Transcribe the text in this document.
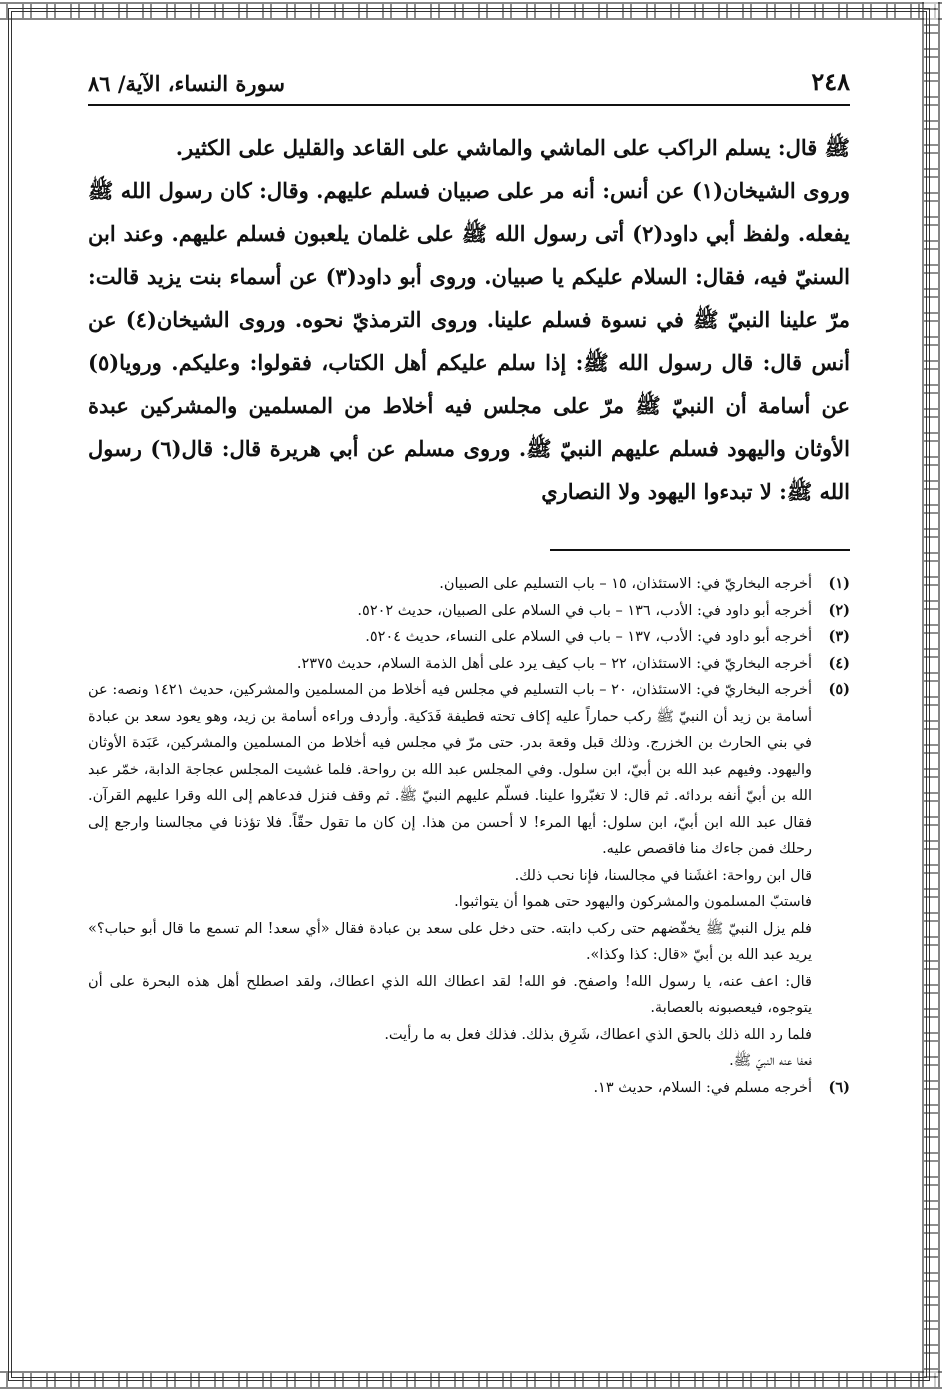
٢٤٨
سورة النساء، الآية/ ٨٦

ﷺ قال: يسلم الراكب على الماشي والماشي على القاعد والقليل على الكثير.

وروى الشيخان(١) عن أنس: أنه مر على صبيان فسلم عليهم. وقال: كان رسول الله ﷺ يفعله. ولفظ أبي داود(٢) أتى رسول الله ﷺ على غلمان يلعبون فسلم عليهم. وعند ابن السنيّ فيه، فقال: السلام عليكم يا صبيان. وروى أبو داود(٣) عن أسماء بنت يزيد قالت: مرّ علينا النبيّ ﷺ في نسوة فسلم علينا. وروى الترمذيّ نحوه. وروى الشيخان(٤) عن أنس قال: قال رسول الله ﷺ: إذا سلم عليكم أهل الكتاب، فقولوا: وعليكم. ورويا(٥) عن أسامة أن النبيّ ﷺ مرّ على مجلس فيه أخلاط من المسلمين والمشركين عبدة الأوثان واليهود فسلم عليهم النبيّ ﷺ. وروى مسلم عن أبي هريرة قال: قال(٦) رسول الله ﷺ: لا تبدءوا اليهود ولا النصاري

(١)
أخرجه البخاريّ في: الاستئذان، ١٥ – باب التسليم على الصبيان.
(٢)
أخرجه أبو داود في: الأدب، ١٣٦ – باب في السلام على الصبيان، حديث ٥٢٠٢.
(٣)
أخرجه أبو داود في: الأدب، ١٣٧ – باب في السلام على النساء، حديث ٥٢٠٤.
(٤)
أخرجه البخاريّ في: الاستئذان، ٢٢ – باب كيف يرد على أهل الذمة السلام، حديث ٢٣٧٥.
(٥)
أخرجه البخاريّ في: الاستئذان، ٢٠ – باب التسليم في مجلس فيه أخلاط من المسلمين والمشركين، حديث ١٤٢١ ونصه: عن أسامة بن زيد أن النبيّ ﷺ ركب حماراً عليه إكاف تحته قطيفة فَدَكية. وأردف وراءه أسامة بن زيد، وهو يعود سعد بن عبادة في بني الحارث بن الخزرج. وذلك قبل وقعة بدر. حتى مرّ في مجلس فيه أخلاط من المسلمين والمشركين، عَبَدة الأوثان واليهود. وفيهم عبد الله بن أبيّ، ابن سلول. وفي المجلس عبد الله بن رواحة. فلما غشيت المجلس عجاجة الدابة، خمّر عبد الله بن أبيّ أنفه بردائه. ثم قال: لا تغبّروا علينا. فسلّم عليهم النبيّ ﷺ. ثم وقف فنزل فدعاهم إلى الله وقرا عليهم القرآن. فقال عبد الله ابن أبيّ، ابن سلول: أيها المرء! لا أحسن من هذا. إن كان ما تقول حقّاً. فلا تؤذنا في مجالسنا وارجع إلى رحلك فمن جاءك منا فاقصص عليه.

قال ابن رواحة: اغشَنا في مجالسنا، فإنا نحب ذلك.

فاستبّ المسلمون والمشركون واليهود حتى هموا أن يتواثبوا.

فلم يزل النبيّ ﷺ يخفّضهم حتى ركب دابته. حتى دخل على سعد بن عبادة فقال «أي سعد! الم تسمع ما قال أبو حباب؟» يريد عبد الله بن أبيّ «قال: كذا وكذا».

قال: اعف عنه، يا رسول الله! واصفح. فو الله! لقد اعطاك الله الذي اعطاك، ولقد اصطلح أهل هذه البحرة على أن يتوجوه، فيعصبونه بالعصابة.

فلما رد الله ذلك بالحق الذي اعطاك، شَرِق بذلك. فذلك فعل به ما رأيت.

فعفا عنه النبيّ ﷺ.

(٦)
أخرجه مسلم في: السلام، حديث ١٣.
